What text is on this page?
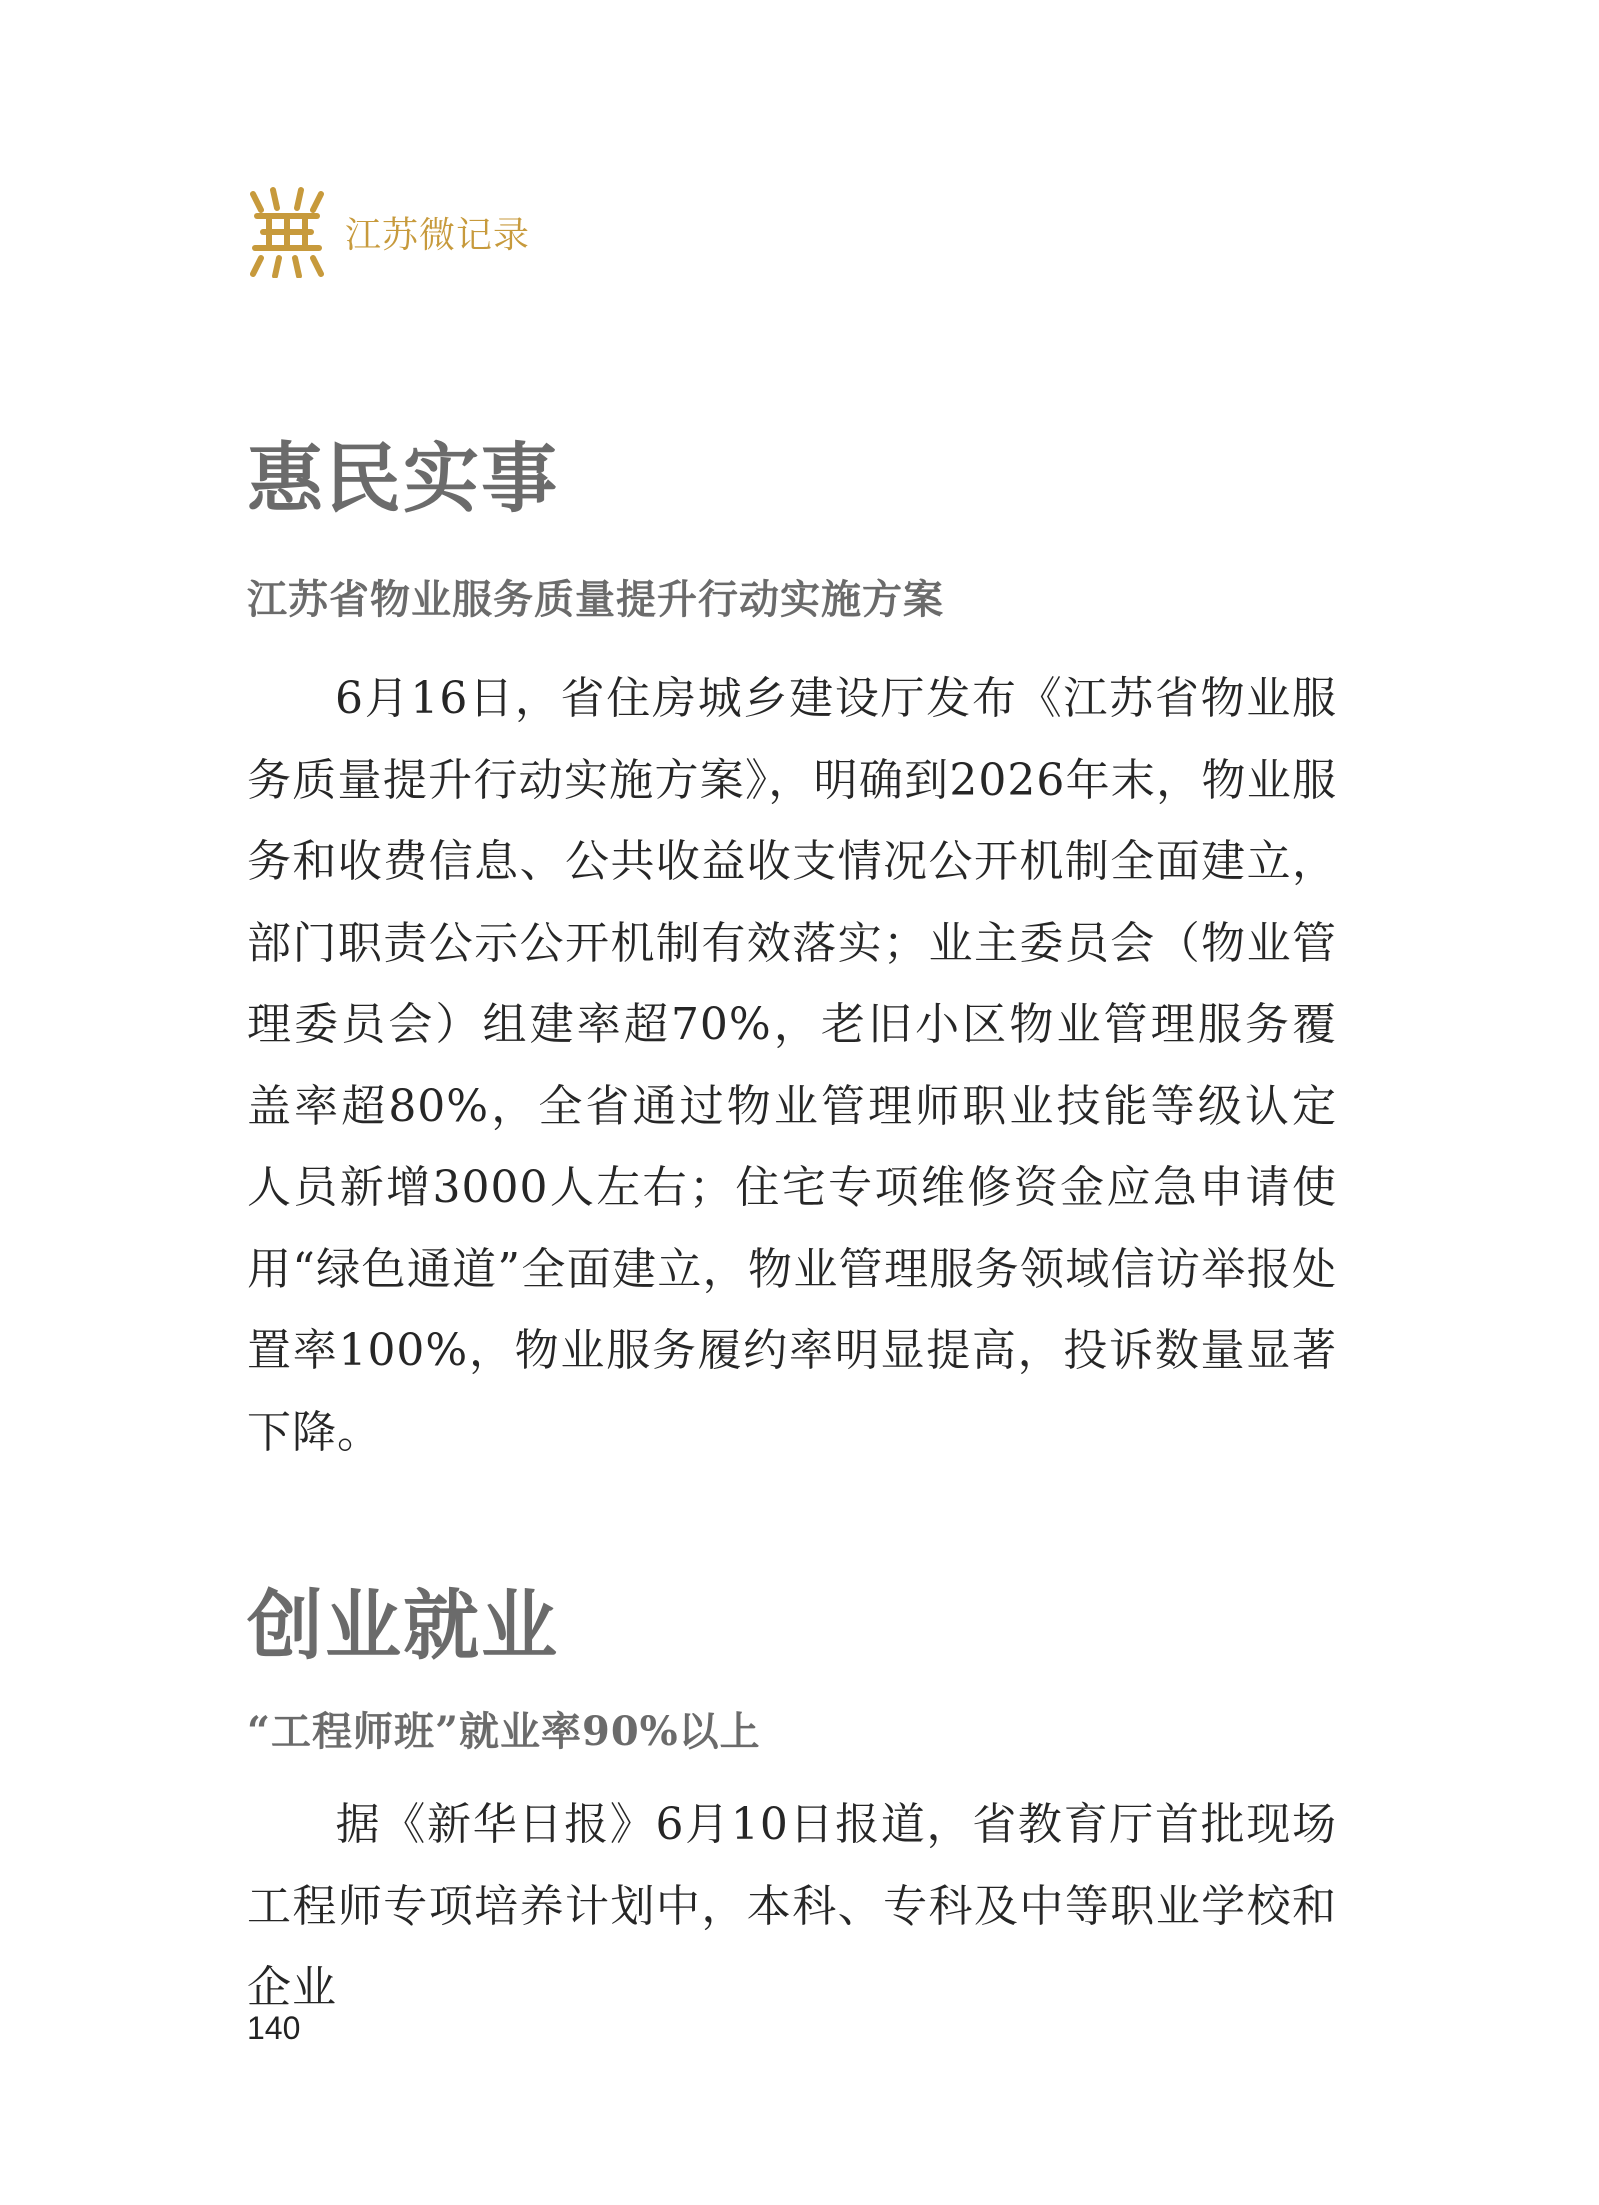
江苏微记录
惠民实事
江苏省物业服务质量提升行动实施方案

6月16日，省住房城乡建设厅发布《江苏省物业服务质量提升行动实施方案》，明确到2026年末，物业服务和收费信息、公共收益收支情况公开机制全面建立，部门职责公示公开机制有效落实；业主委员会（物业管理委员会）组建率超70%，老旧小区物业管理服务覆盖率超80%，全省通过物业管理师职业技能等级认定人员新增3000人左右；住宅专项维修资金应急申请使用“绿色通道”全面建立，物业管理服务领域信访举报处置率100%，物业服务履约率明显提高，投诉数量显著下降。

创业就业
“工程师班”就业率90%以上

据《新华日报》6月10日报道，省教育厅首批现场工程师专项培养计划中，本科、专科及中等职业学校和企业

140
